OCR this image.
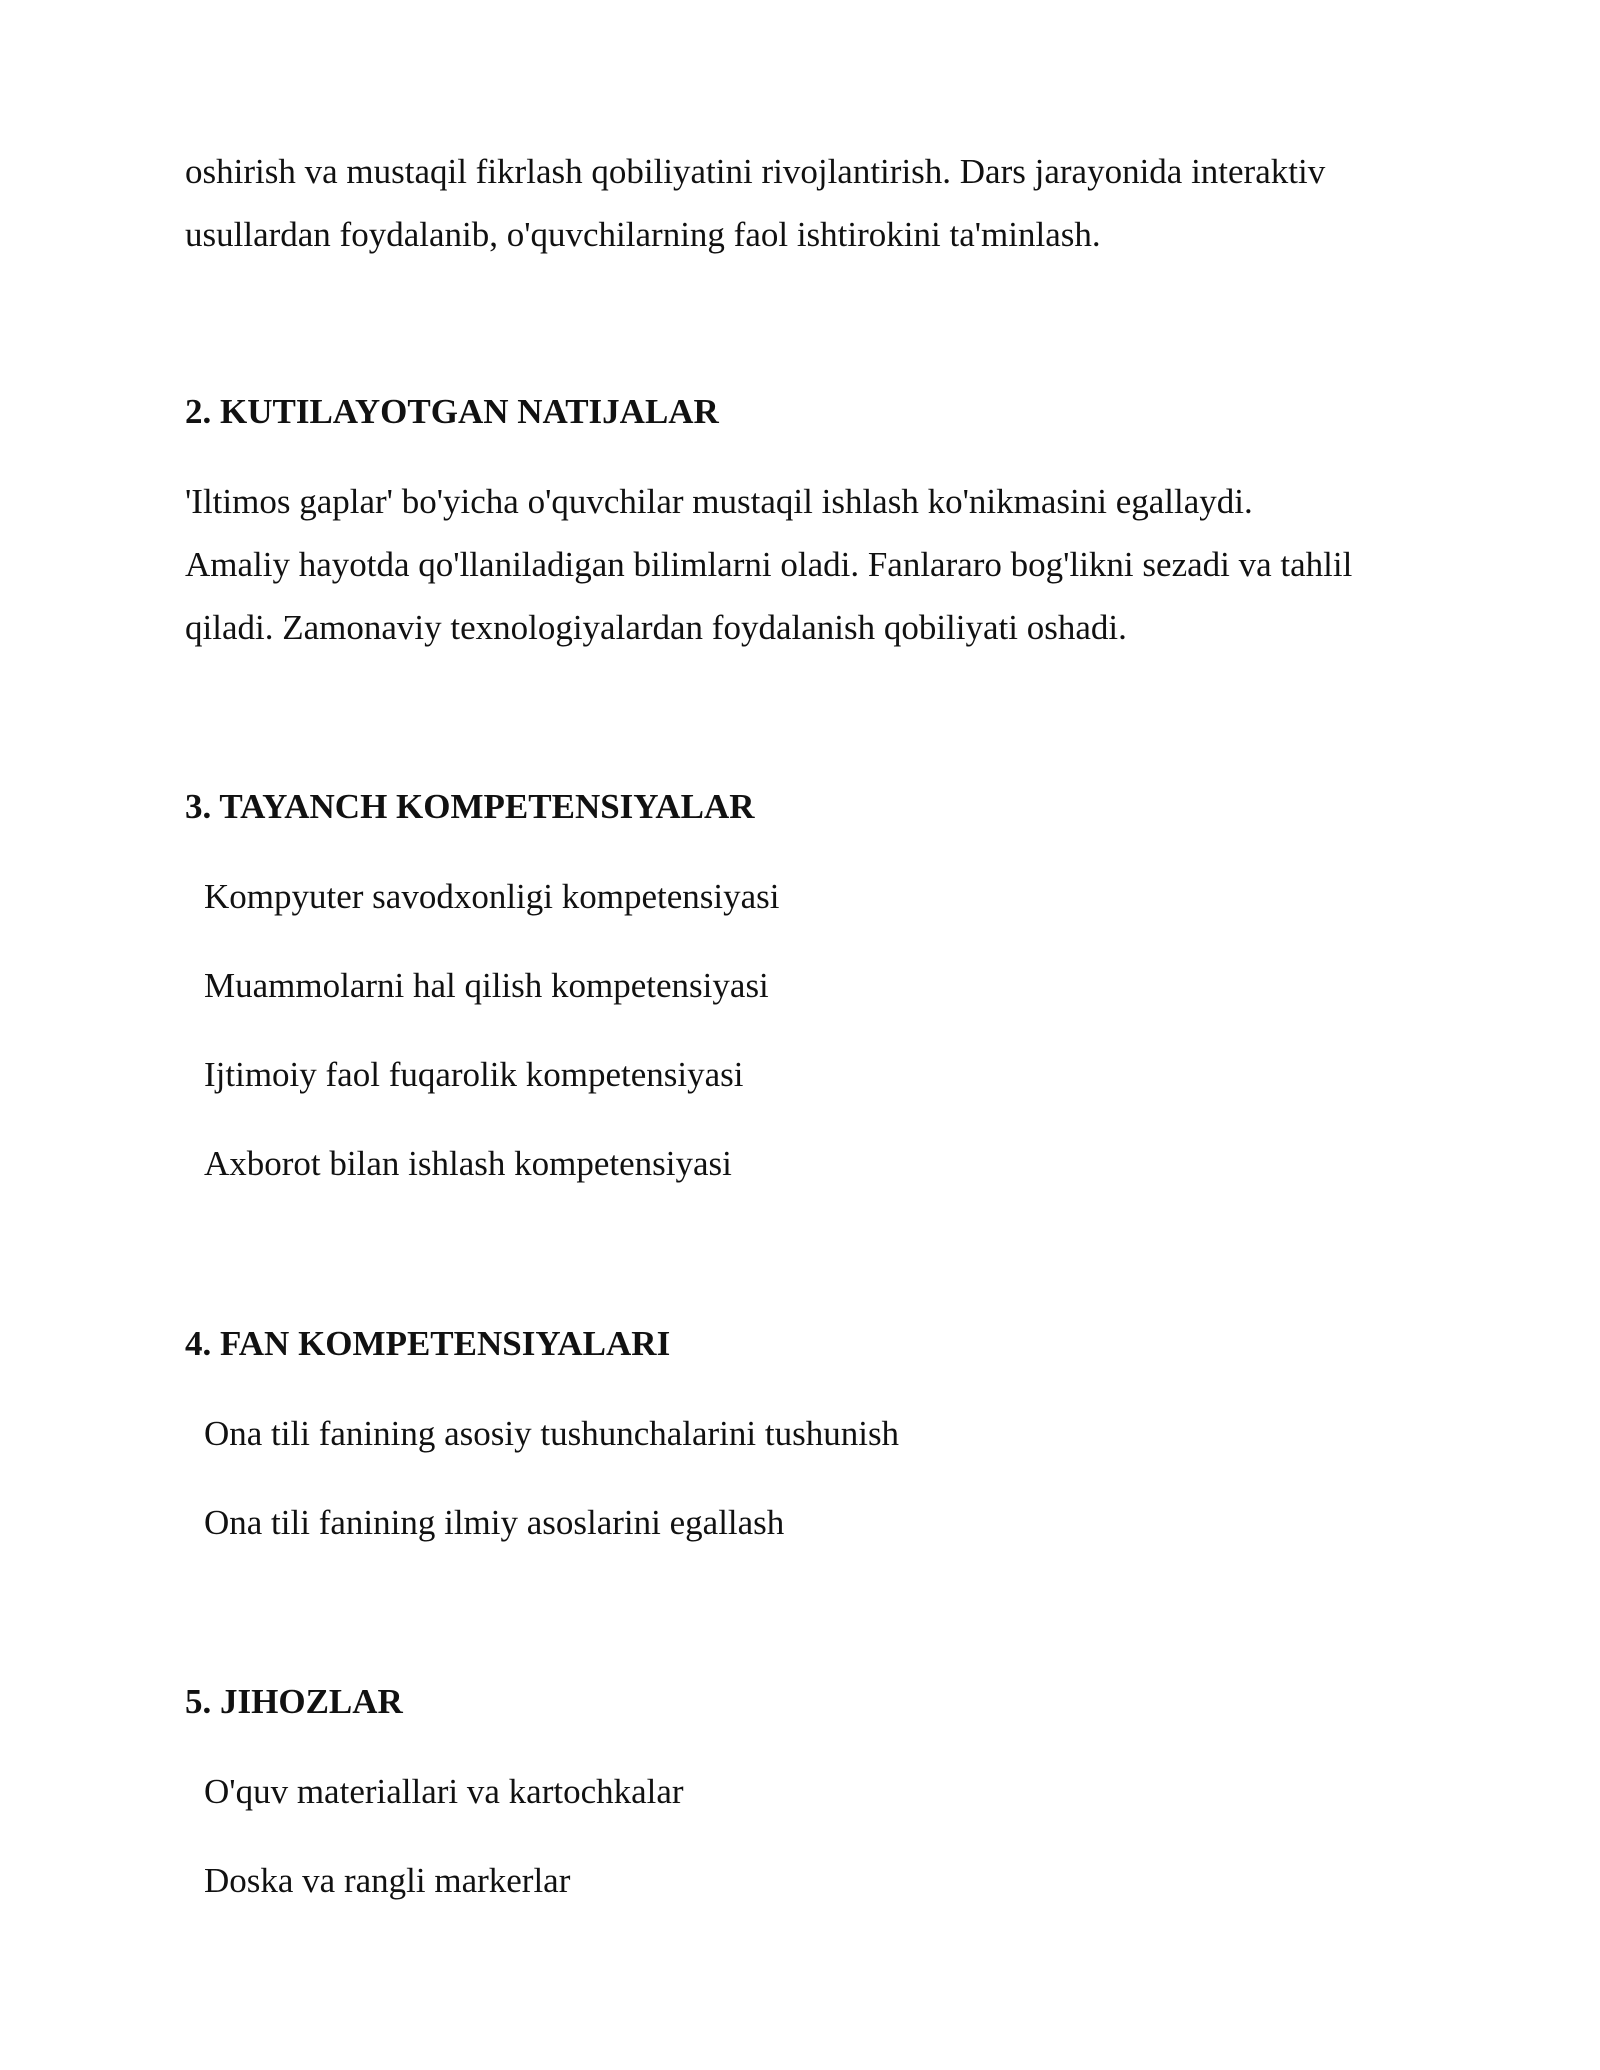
oshirish va mustaqil fikrlash qobiliyatini rivojlantirish. Dars jarayonida interaktiv
usullardan foydalanib, o'quvchilarning faol ishtirokini ta'minlash.

2. KUTILAYOTGAN NATIJALAR

'Iltimos gaplar' bo'yicha o'quvchilar mustaqil ishlash ko'nikmasini egallaydi.
Amaliy hayotda qo'llaniladigan bilimlarni oladi. Fanlararo bog'likni sezadi va tahlil
qiladi. Zamonaviy texnologiyalardan foydalanish qobiliyati oshadi.

3. TAYANCH KOMPETENSIYALAR

Kompyuter savodxonligi kompetensiyasi

Muammolarni hal qilish kompetensiyasi

Ijtimoiy faol fuqarolik kompetensiyasi

Axborot bilan ishlash kompetensiyasi

4. FAN KOMPETENSIYALARI

Ona tili fanining asosiy tushunchalarini tushunish

Ona tili fanining ilmiy asoslarini egallash

5. JIHOZLAR

O'quv materiallari va kartochkalar

Doska va rangli markerlar
